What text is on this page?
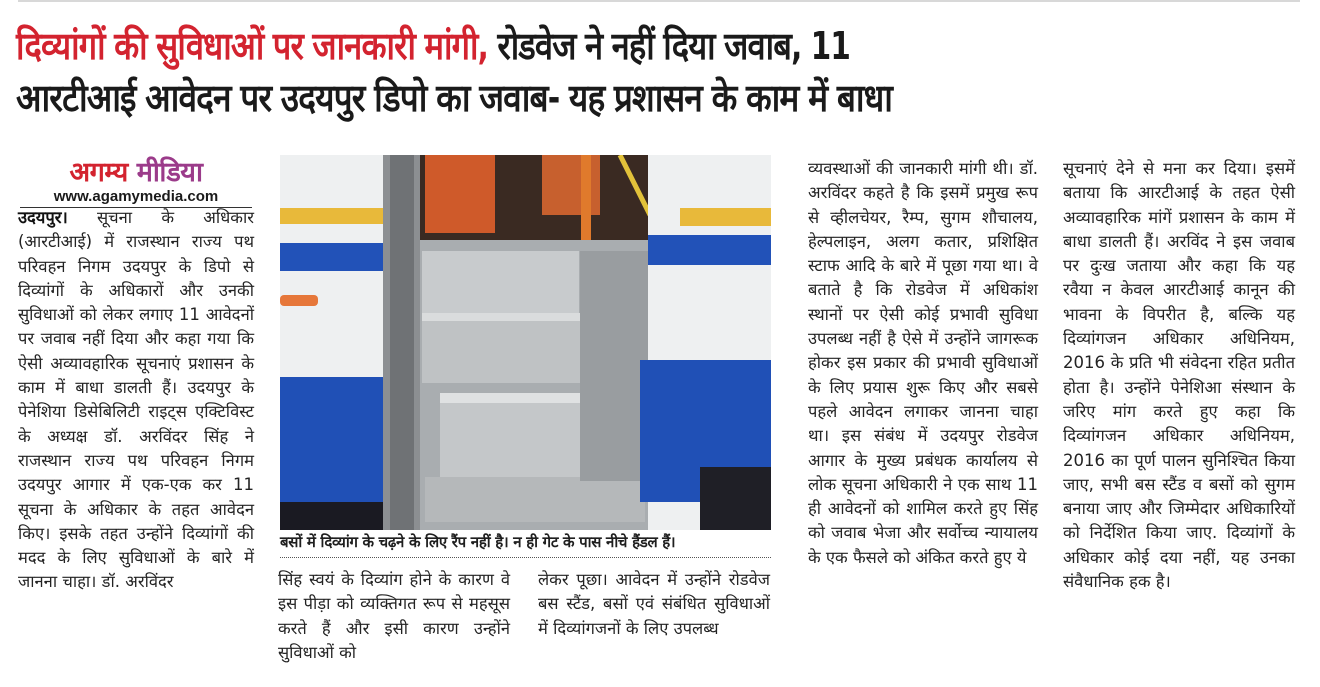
दिव्यांगों की सुविधाओं पर जानकारी मांगी, रोडवेज ने नहीं दिया जवाब, 11
आरटीआई आवेदन पर उदयपुर डिपो का जवाब- यह प्रशासन के काम में बाधा
अगम्य मीडिया
www.agamymedia.com

उदयपुर। सूचना के अधिकार (आरटीआई) में राजस्थान राज्य पथ परिवहन निगम उदयपुर के डिपो से दिव्यांगों के अधिकारों और उनकी सुविधाओं को लेकर लगाए 11 आवेदनों पर जवाब नहीं दिया और कहा गया कि ऐसी अव्यावहारिक सूचनाएं प्रशासन के काम में बाधा डालती हैं। उदयपुर के पेनेशिया डिसेबिलिटी राइट्स एक्टिविस्ट के अध्यक्ष डॉ. अरविंदर सिंह ने राजस्थान राज्य पथ परिवहन निगम उदयपुर आगार में एक-एक कर 11 सूचना के अधिकार के तहत आवेदन किए। इसके तहत उन्होंने दिव्यांगों की मदद के लिए सुविधाओं के बारे में जानना चाहा। डॉ. अरविंदर

बसों में दिव्यांग के चढ़ने के लिए रैंप नहीं है। न ही गेट के पास नीचे हैंडल हैं।

सिंह स्वयं के दिव्यांग होने के कारण वे इस पीड़ा को व्यक्तिगत रूप से महसूस करते हैं और इसी कारण उन्होंने सुविधाओं को

लेकर पूछा। आवेदन में उन्होंने रोडवेज बस स्टैंड, बसों एवं संबंधित सुविधाओं में दिव्यांगजनों के लिए उपलब्ध

व्यवस्थाओं की जानकारी मांगी थी। डॉ. अरविंदर कहते है कि इसमें प्रमुख रूप से व्हीलचेयर, रैम्प, सुगम शौचालय, हेल्पलाइन, अलग कतार, प्रशिक्षित स्टाफ आदि के बारे में पूछा गया था। वे बताते है कि रोडवेज में अधिकांश स्थानों पर ऐसी कोई प्रभावी सुविधा उपलब्ध नहीं है ऐसे में उन्होंने जागरूक होकर इस प्रकार की प्रभावी सुविधाओं के लिए प्रयास शुरू किए और सबसे पहले आवेदन लगाकर जानना चाहा था। इस संबंध में उदयपुर रोडवेज आगार के मुख्य प्रबंधक कार्यालय से लोक सूचना अधिकारी ने एक साथ 11 ही आवेदनों को शामिल करते हुए सिंह को जवाब भेजा और सर्वोच्च न्यायालय के एक फैसले को अंकित करते हुए ये

सूचनाएं देने से मना कर दिया। इसमें बताया कि आरटीआई के तहत ऐसी अव्यावहारिक मांगें प्रशासन के काम में बाधा डालती हैं। अरविंद ने इस जवाब पर दुःख जताया और कहा कि यह रवैया न केवल आरटीआई कानून की भावना के विपरीत है, बल्कि यह दिव्यांगजन अधिकार अधिनियम, 2016 के प्रति भी संवेदना रहित प्रतीत होता है। उन्होंने पेनेशिआ संस्थान के जरिए मांग करते हुए कहा कि दिव्यांगजन अधिकार अधिनियम, 2016 का पूर्ण पालन सुनिश्चित किया जाए, सभी बस स्टैंड व बसों को सुगम बनाया जाए और जिम्मेदार अधिकारियों को निर्देशित किया जाए. दिव्यांगों के अधिकार कोई दया नहीं, यह उनका संवैधानिक हक है।
